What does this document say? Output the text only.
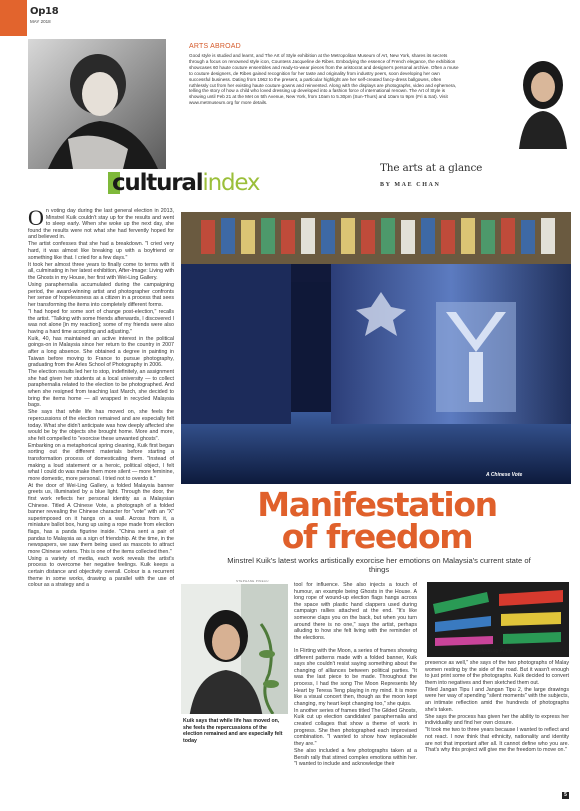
Op18
MAY 2018
ARTS ABROAD
Good style is studied and learnt, and The Art of Style exhibition at the Metropolitan Museum of Art, New York, shares its secrets through a focus on renowned style icon, Countess Jacqueline de Ribes. Embodying the essence of French elegance, the exhibition showcases 60 haute couture ensembles and ready-to-wear pieces from the aristocrat and designer's personal archive. Often a muse to couture designers, de Ribes gained recognition for her taste and originality from industry peers, soon developing her own successful business. Dating from 1962 to the present, a particular highlight are her self-created fancy-dress ballgowns, often ruthlessly cut from her existing haute couture gowns and reinvented. Along with the displays are photographs, video and ephemera, telling the story of how a child who loved dressing up developed into a fashion force of international renown. The Art of Style is showing until Feb 21 at the Met on 5th Avenue, New York, from 10am to 5.30pm (Sun-Thurs) and 10am to 9pm (Fri & Sat). Visit www.metmuseum.org for more details.
The arts at a glance
BY MAE CHAN
culturalindex
O n voting day during the last general election in 2013, Minstrel Kuik couldn't stay up for the results and went to sleep early. When she woke up the next day, she found the results were not what she had fervently hoped for and believed in.

The artist confesses that she had a breakdown. "I cried very hard, it was almost like breaking up with a boyfriend or something like that. I cried for a few days."

It took her almost three years to finally come to terms with it all, culminating in her latest exhibition, After-Image: Living with the Ghosts in my House, her first with Wei-Ling Gallery.

Using paraphernalia accumulated during the campaigning period, the award-winning artist and photographer confronts her sense of hopelessness as a citizen in a process that sees her transforming the items into completely different forms.

"I had hoped for some sort of change post-election," recalls the artist. "Talking with some friends afterwards, I discovered I was not alone [in my reaction]; some of my friends were also having a hard time accepting and adjusting."

Kuik, 40, has maintained an active interest in the political goings-on in Malaysia since her return to the country in 2007 after a long absence. She obtained a degree in painting in Taiwan before moving to France to pursue photography, graduating from the Arles School of Photography in 2006.

The election results led her to stop, indefinitely, an assignment she had given her students at a local university — to collect paraphernalia related to the election to be photographed. And when she resigned from teaching last March, she decided to bring the items home — all wrapped in recycled Malaysia bags.

She says that while life has moved on, she feels the repercussions of the election remained and are especially felt today. What she didn't anticipate was how deeply affected she would be by the objects she brought home. More and more, she felt compelled to "exorcise these unwanted ghosts".

Embarking on a metaphorical spring cleaning, Kuik first began sorting out the different materials before starting a transformation process of domesticating them. "Instead of making a loud statement or a heroic, political object, I felt what I could do was make them more silent — more feminine, more domestic, more personal. I tried not to overdo it."

At the door of Wei-Ling Gallery, a folded Malaysia banner greets us, illuminated by a blue light. Through the door, the first work reflects her personal identity as a Malaysian Chinese. Titled A Chinese Vote, a photograph of a folded banner revealing the Chinese character for "vote" with an "X" superimposed on it hangs on a wall. Across from it, a miniature ballot box, hung up using a rope made from election flags, has a panda figurine inside. "China sent a pair of pandas to Malaysia as a sign of friendship. At the time, in the newspapers, we saw them being used as mascots to attract more Chinese voters. This is one of the items collected then."

Using a variety of media, each work reveals the artist's process to overcome her negative feelings. Kuik keeps a certain distance and objectivity overall. Colour is a recurrent theme in some works, drawing a parallel with the use of colour as a strategy and a

A Chinese Vote
Manifestation
of freedom
Minstrel Kuik's latest works artistically exorcise her emotions on Malaysia's current state of things
STEPHANE PINEAU
Kuik says that while life has moved on, she feels the repercussions of the election remained and are especially felt today

tool for influence. She also injects a touch of humour, an example being Ghosts in the House. A long rope of wound-up election flags hangs across the space with plastic hand clappers used during campaign rallies attached at the end. "It's like someone claps you on the back, but when you turn around there is no one," says the artist, perhaps alluding to how she felt living with the reminder of the elections.

In Flirting with the Moon, a series of frames showing different patterns made with a folded banner, Kuik says she couldn't resist saying something about the changing of alliances between political parties. "It was the last piece to be made. Throughout the process, I had the song The Moon Represents My Heart by Teresa Teng playing in my mind. It is more like a visual concert then, though as the moon kept changing, my heart kept changing too," she quips.

In another series of frames titled The Gilded Ghosts, Kuik cut up election candidates' paraphernalia and created collages that show a theme of work in progress. She then photographed each improvised combination. "I wanted to show how replaceable they are."

She also included a few photographs taken at a Bersih rally that stirred complex emotions within her. "I wanted to include and acknowledge their

Colouring Flags

presence as well," she says of the two photographs of Malay women resting by the side of the road. But it wasn't enough to just print some of the photographs. Kuik decided to convert them into negatives and then sketched them out.

Titled Jangan Tipu I and Jangan Tipu 2, the large drawings were her way of spending "silent moments" with the subjects, an intimate reflection amid the hundreds of photographs she's taken.

She says the process has given her the ability to express her individuality and find her own closure.

"It took me two to three years because I wanted to reflect and not react. I now think that ethnicity, nationality and identity are not that important after all. It cannot define who you are. That's why this project will give me the freedom to move on."

5
